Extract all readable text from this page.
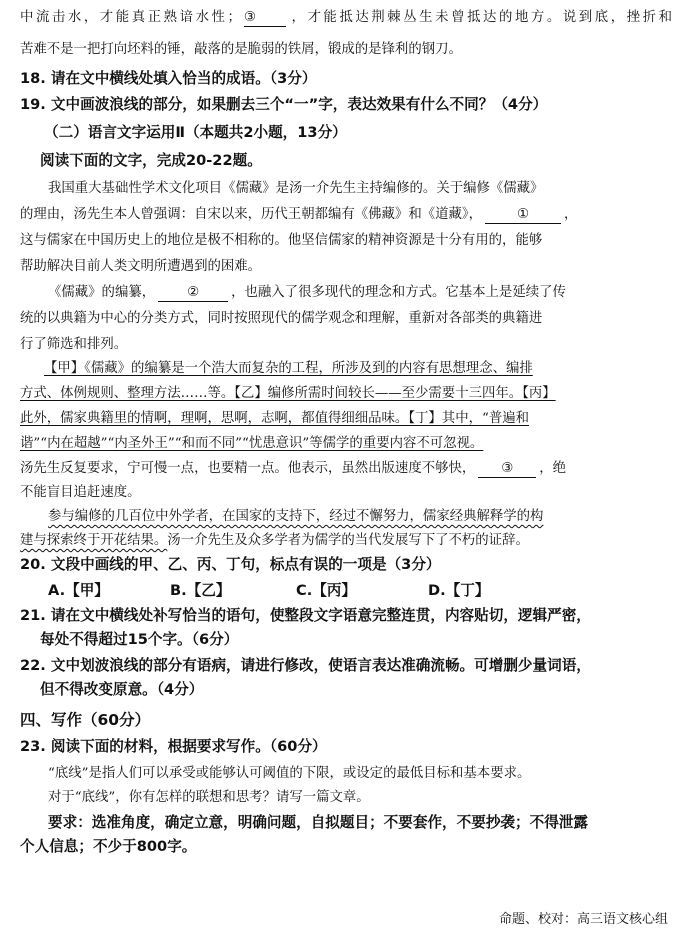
中流击水，才能真正熟谙水性； ③ ，才能抵达荆棘丛生未曾抵达的地方。说到底，挫折和
苦难不是一把打向坯料的锤，敲落的是脆弱的铁屑，锻成的是锋利的钢刀。
18. 请在文中横线处填入恰当的成语。（3分）
19. 文中画波浪线的部分，如果删去三个“一”字，表达效果有什么不同？（4分）
（二）语言文字运用Ⅱ（本题共2小题，13分）
阅读下面的文字，完成20-22题。
我国重大基础性学术文化项目《儒藏》是汤一介先生主持编修的。关于编修《儒藏》
的理由，汤先生本人曾强调：自宋以来，历代王朝都编有《佛藏》和《道藏》，	①	，
这与儒家在中国历史上的地位是极不相称的。他坚信儒家的精神资源是十分有用的，能够
帮助解决目前人类文明所遭遇到的困难。
《儒藏》的编纂， ② ，也融入了很多现代的理念和方式。它基本上是延续了传
统的以典籍为中心的分类方式，同时按照现代的儒学观念和理解，重新对各部类的典籍进
行了筛选和排列。
【甲】《儒藏》的编纂是一个浩大而复杂的工程，所涉及到的内容有思想理念、编排
方式、体例规则、整理方法……等。【乙】编修所需时间较长——至少需要十三四年。【丙】
此外，儒家典籍里的情啊，理啊，思啊，志啊，都值得细细品味。【丁】其中，“普遍和
谐”“内在超越”“内圣外王”“和而不同”“忧患意识”等儒学的重要内容不可忽视。
汤先生反复要求，宁可慢一点，也要精一点。他表示，虽然出版速度不够快， ③ ，绝
不能盲目追赶速度。
参与编修的几百位中外学者，在国家的支持下，经过不懈努力，儒家经典解释学的构
建与探索终于开花结果。汤一介先生及众多学者为儒学的当代发展写下了不朽的证辞。
20. 文段中画线的甲、乙、丙、丁句，标点有误的一项是（3分）
A.【甲】	B.【乙】	C.【丙】	D.【丁】
21. 请在文中横线处补写恰当的语句，使整段文字语意完整连贯，内容贴切，逻辑严密，
每处不得超过15个字。（6分）
22. 文中划波浪线的部分有语病，请进行修改，使语言表达准确流畅。可增删少量词语，
但不得改变原意。（4分）
四、写作（60分）
23. 阅读下面的材料，根据要求写作。（60分）
“底线”是指人们可以承受或能够认可阈值的下限，或设定的最低目标和基本要求。
对于“底线”，你有怎样的联想和思考？请写一篇文章。
要求：选准角度，确定立意，明确问题，自拟题目；不要套作，不要抄袭；不得泄露
个人信息；不少于800字。
命题、校对：高三语文核心组
